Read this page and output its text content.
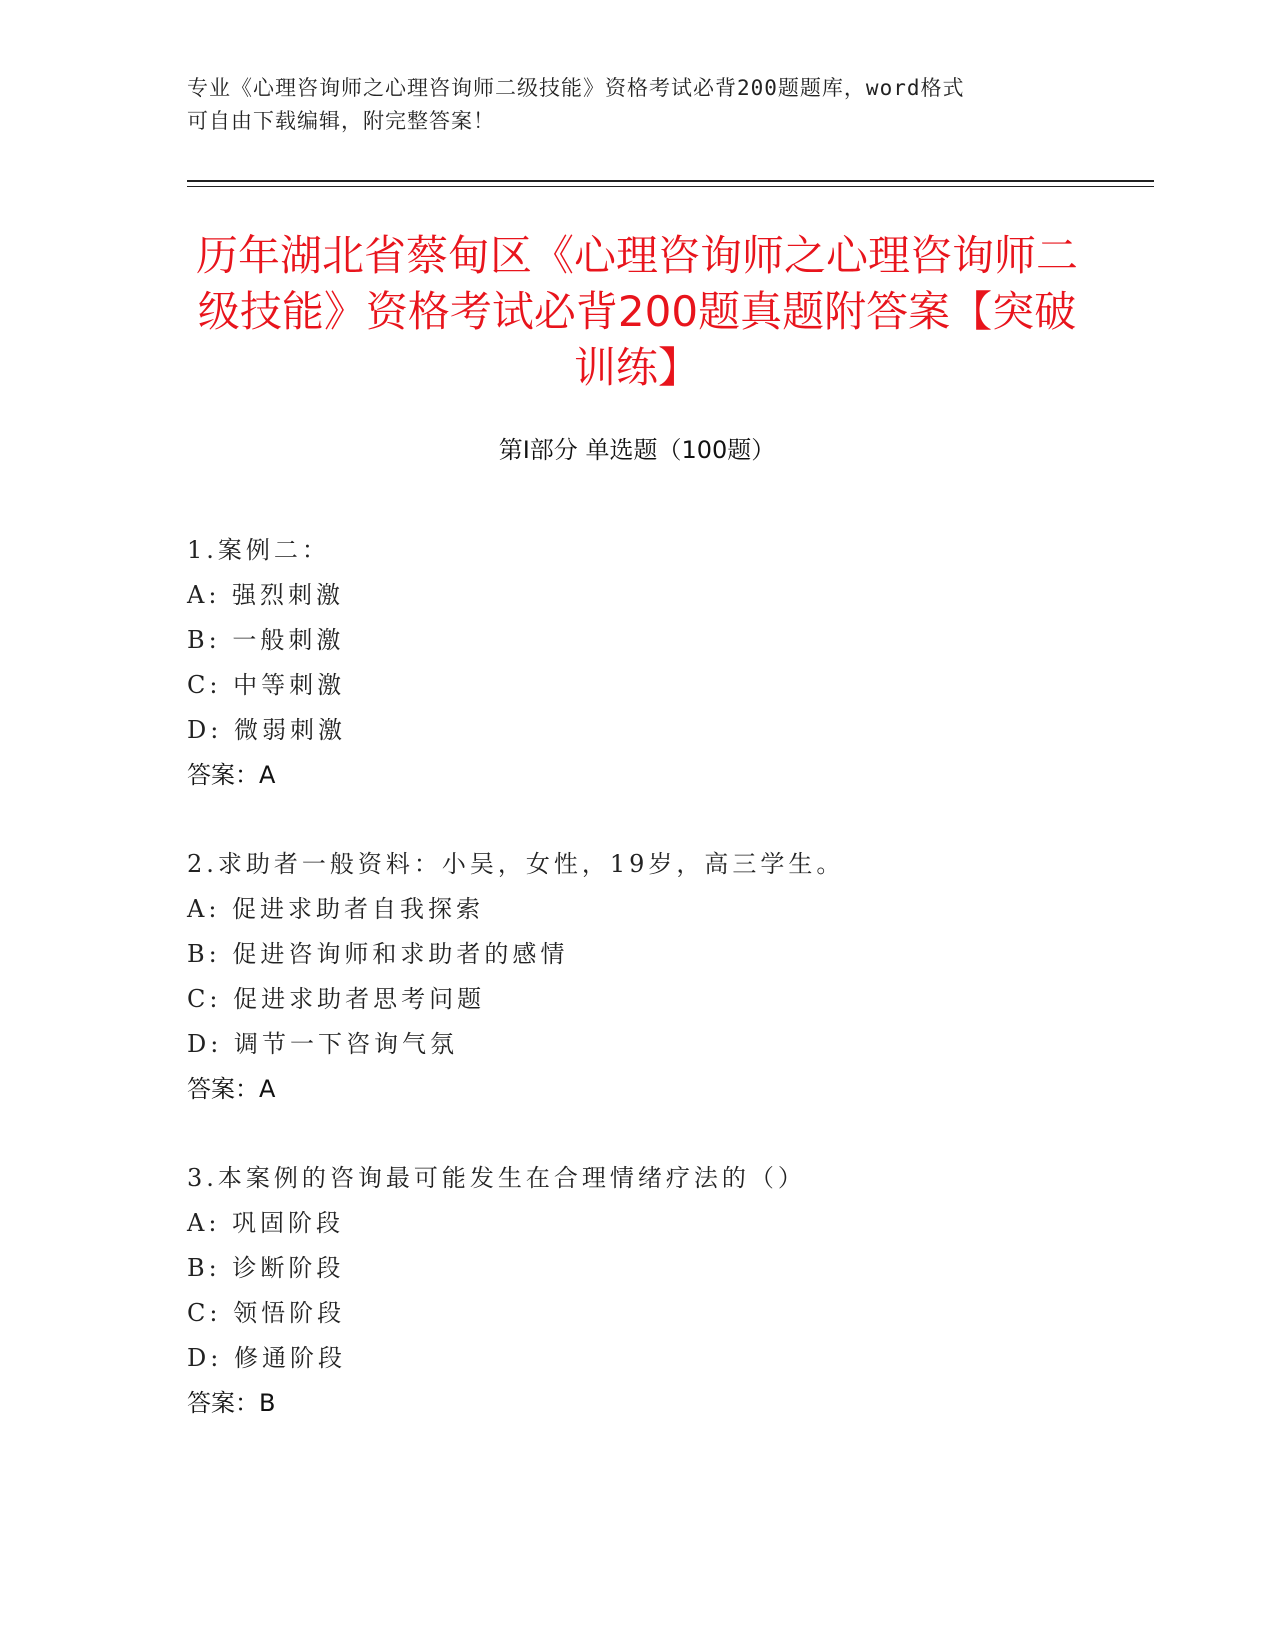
专业《心理咨询师之心理咨询师二级技能》资格考试必背200题题库，word格式
可自由下载编辑，附完整答案！
历年湖北省蔡甸区《心理咨询师之心理咨询师二级技能》资格考试必背200题真题附答案【突破训练】
第Ⅰ部分 单选题（100题）
1.案例二：
A: 强烈刺激
B: 一般刺激
C: 中等刺激
D: 微弱刺激
答案：A
2.求助者一般资料：小吴，女性，19岁，高三学生。
A: 促进求助者自我探索
B: 促进咨询师和求助者的感情
C: 促进求助者思考问题
D: 调节一下咨询气氛
答案：A
3.本案例的咨询最可能发生在合理情绪疗法的（）
A: 巩固阶段
B: 诊断阶段
C: 领悟阶段
D: 修通阶段
答案：B
